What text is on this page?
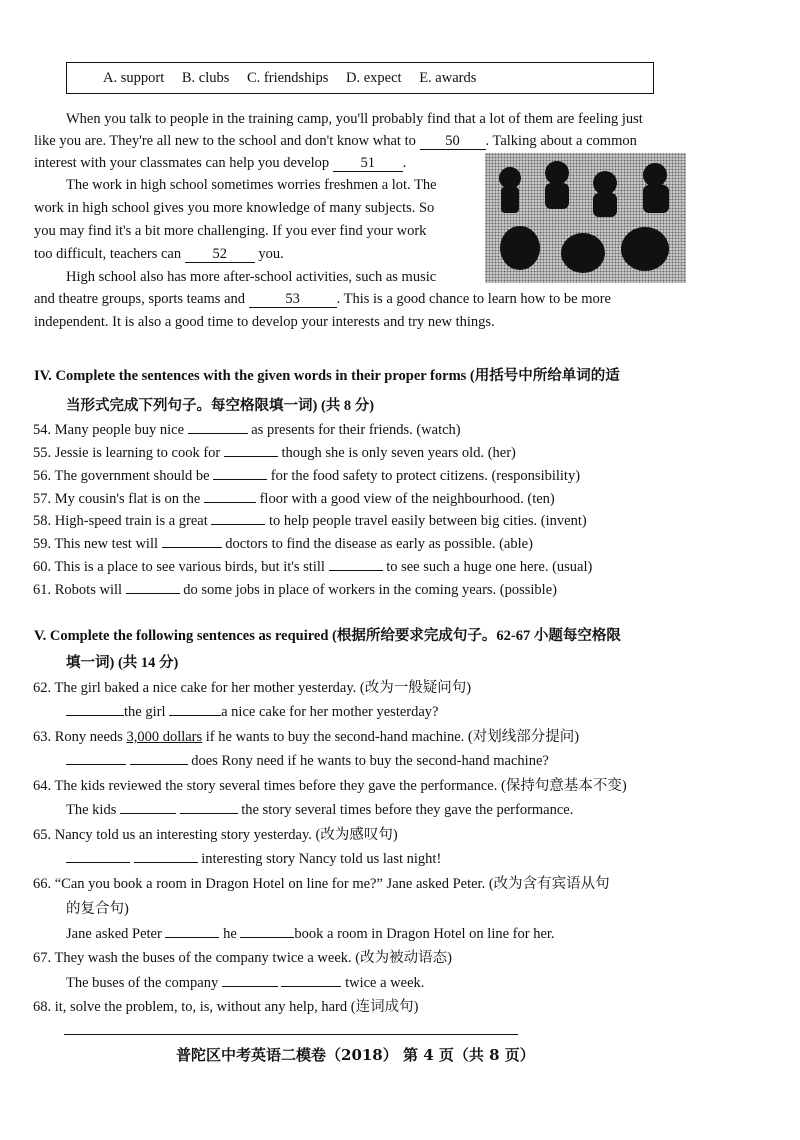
A. support B. clubs C. friendships D. expect E. awards
When you talk to people in the training camp, you'll probably find that a lot of them are feeling just
like you are. They're all new to the school and don't know what to 50 . Talking about a common
interest with your classmates can help you develop 51 .
The work in high school sometimes worries freshmen a lot. The
work in high school gives you more knowledge of many subjects. So
you may find it's a bit more challenging. If you ever find your work
too difficult, teachers can 52 you.
High school also has more after-school activities, such as music
and theatre groups, sports teams and	53	. This is a good chance to learn how to be more
independent. It is also a good time to develop your interests and try new things.
IV. Complete the sentences with the given words in their proper forms (用括号中所给单词的适
当形式完成下列句子。每空格限填一词) (共 8 分)
54. Many people buy nice	as presents for their friends. (watch)
55. Jessie is learning to cook for	though she is only seven years old. (her)
56. The government should be	for the food safety to protect citizens. (responsibility)
57. My cousin's flat is on the	floor with a good view of the neighbourhood. (ten)
58. High-speed train is a great	to help people travel easily between big cities. (invent)
59. This new test will	doctors to find the disease as early as possible. (able)
60. This is a place to see various birds, but it's still	to see such a huge one here. (usual)
61. Robots will	do some jobs in place of workers in the coming years. (possible)
V. Complete the following sentences as required (根据所给要求完成句子。62-67 小题每空格限
填一词) (共 14 分)
62. The girl baked a nice cake for her mother yesterday. (改为一般疑问句)
the girl	a nice cake for her mother yesterday?
63. Rony needs 3,000 dollars if he wants to buy the second-hand machine. (对划线部分提问)
does Rony need if he wants to buy the second-hand machine?
64. The kids reviewed the story several times before they gave the performance. (保持句意基本不变)
The kids	the story several times before they gave the performance.
65. Nancy told us an interesting story yesterday. (改为感叹句)
interesting story Nancy told us last night!
66. “Can you book a room in Dragon Hotel on line for me?” Jane asked Peter. (改为含有宾语从句
的复合句)
Jane asked Peter	he	book a room in Dragon Hotel on line for her.
67. They wash the buses of the company twice a week. (改为被动语态)
The buses of the company	twice a week.
68. it, solve the problem, to, is, without any help, hard (连词成句)
普陀区中考英语二模卷（2018） 第 4 页（共 8 页）
